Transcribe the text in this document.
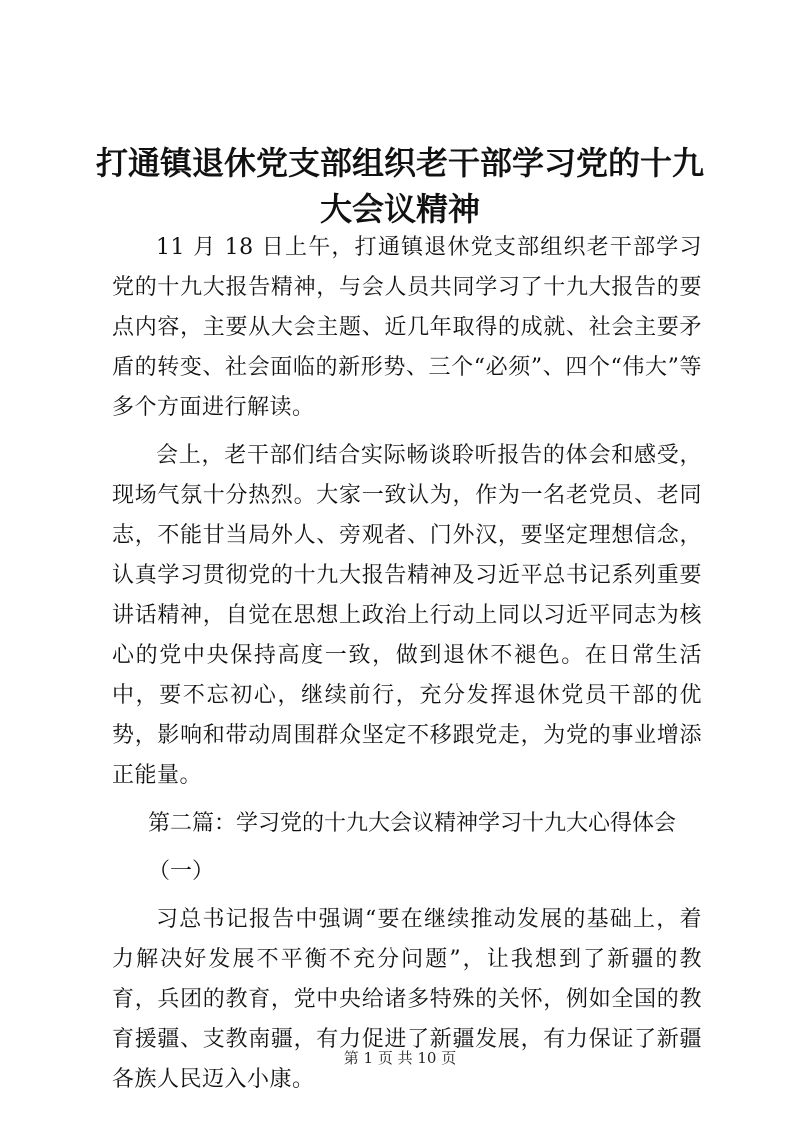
打通镇退休党支部组织老干部学习党的十九大会议精神

11 月 18 日上午，打通镇退休党支部组织老干部学习党的十九大报告精神，与会人员共同学习了十九大报告的要点内容，主要从大会主题、近几年取得的成就、社会主要矛盾的转变、社会面临的新形势、三个“必须”、四个“伟大”等多个方面进行解读。

会上，老干部们结合实际畅谈聆听报告的体会和感受，现场气氛十分热烈。大家一致认为，作为一名老党员、老同志，不能甘当局外人、旁观者、门外汉，要坚定理想信念，认真学习贯彻党的十九大报告精神及习近平总书记系列重要讲话精神，自觉在思想上政治上行动上同以习近平同志为核心的党中央保持高度一致，做到退休不褪色。在日常生活中，要不忘初心，继续前行，充分发挥退休党员干部的优势，影响和带动周围群众坚定不移跟党走，为党的事业增添正能量。

第二篇：学习党的十九大会议精神学习十九大心得体会

（一）

习总书记报告中强调“要在继续推动发展的基础上，着力解决好发展不平衡不充分问题”，让我想到了新疆的教育，兵团的教育，党中央给诸多特殊的关怀，例如全国的教育援疆、支教南疆，有力促进了新疆发展，有力保证了新疆各族人民迈入小康。

第 1 页 共 10 页
